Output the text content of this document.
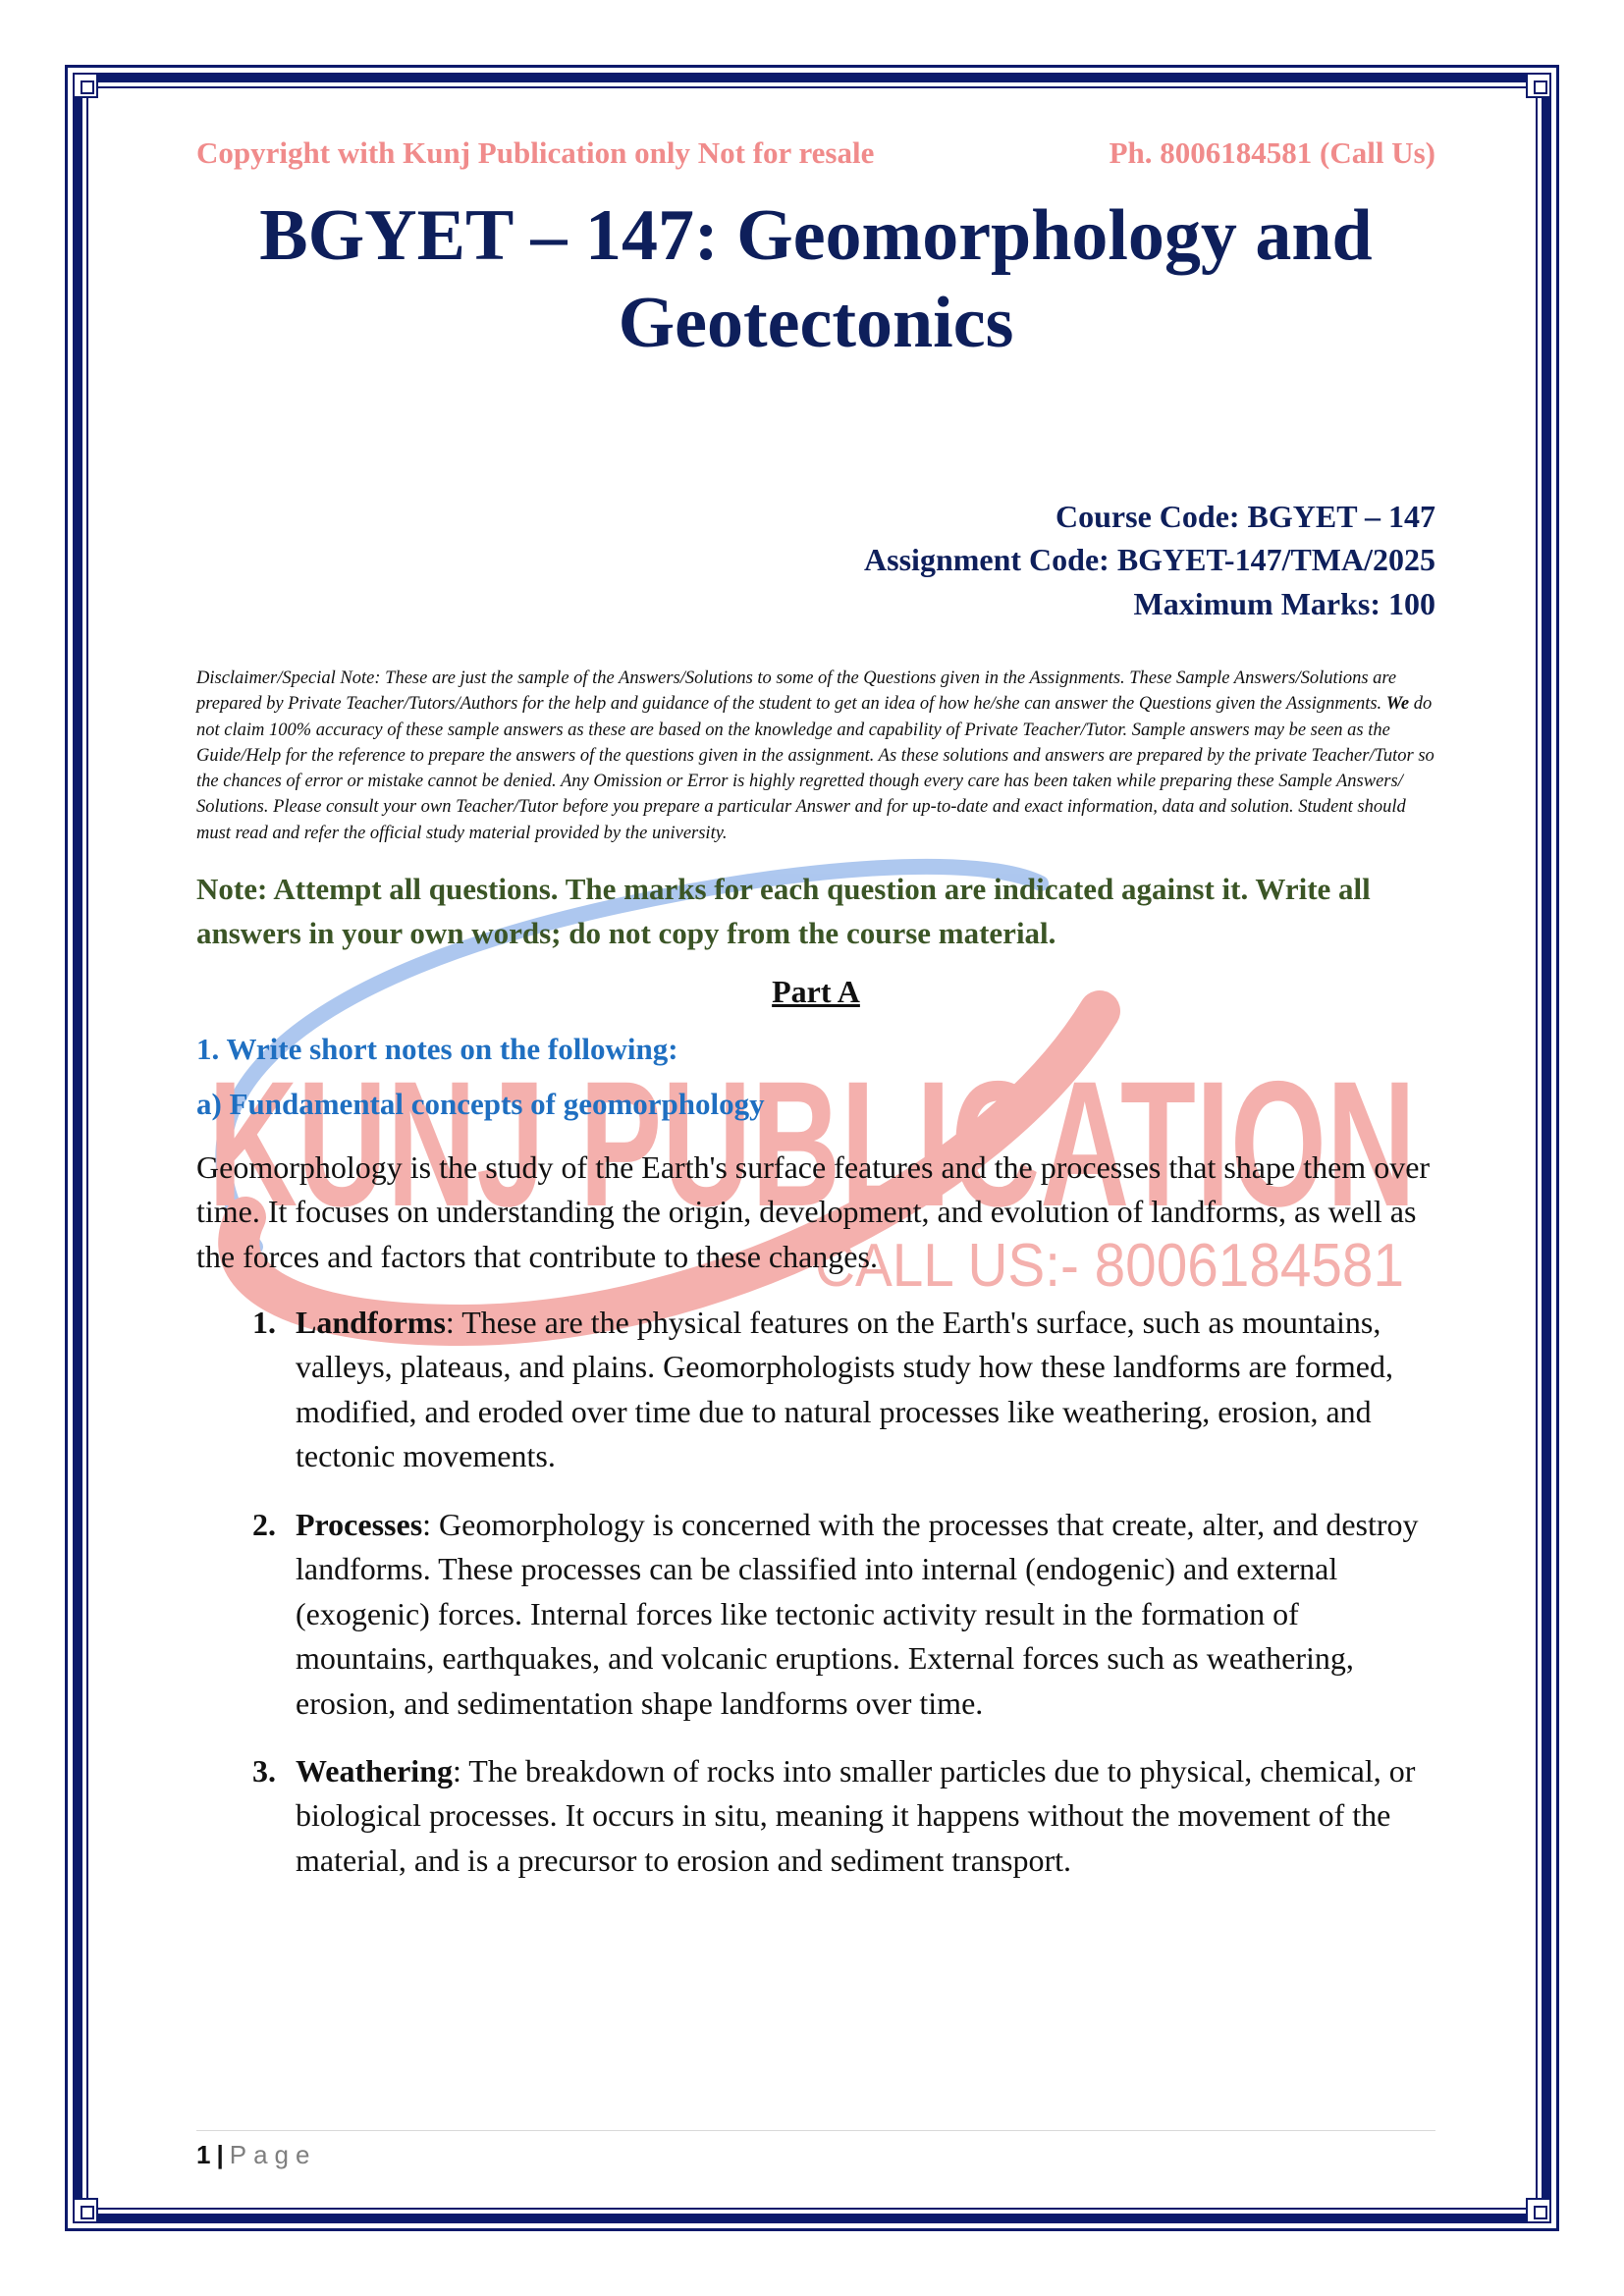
KUNJ PUBLICATION
CALL US:- 8006184581
Copyright with Kunj Publication only Not for resale	Ph. 8006184581 (Call Us)
BGYET – 147: Geomorphology and
Geotectonics
Course Code: BGYET – 147
Assignment Code: BGYET-147/TMA/2025
Maximum Marks: 100
Disclaimer/Special Note: These are just the sample of the Answers/Solutions to some of the Questions given in the Assignments. These Sample Answers/Solutions are prepared by Private Teacher/Tutors/Authors for the help and guidance of the student to get an idea of how he/she can answer the Questions given the Assignments. We do not claim 100% accuracy of these sample answers as these are based on the knowledge and capability of Private Teacher/Tutor. Sample answers may be seen as the Guide/Help for the reference to prepare the answers of the questions given in the assignment. As these solutions and answers are prepared by the private Teacher/Tutor so the chances of error or mistake cannot be denied. Any Omission or Error is highly regretted though every care has been taken while preparing these Sample Answers/ Solutions. Please consult your own Teacher/Tutor before you prepare a particular Answer and for up-to-date and exact information, data and solution. Student should must read and refer the official study material provided by the university.
Note: Attempt all questions. The marks for each question are indicated against it. Write all answers in your own words; do not copy from the course material.
Part A
1. Write short notes on the following:
a) Fundamental concepts of geomorphology
Geomorphology is the study of the Earth's surface features and the processes that shape them over time. It focuses on understanding the origin, development, and evolution of landforms, as well as the forces and factors that contribute to these changes.
1. Landforms: These are the physical features on the Earth's surface, such as mountains, valleys, plateaus, and plains. Geomorphologists study how these landforms are formed, modified, and eroded over time due to natural processes like weathering, erosion, and tectonic movements.
2. Processes: Geomorphology is concerned with the processes that create, alter, and destroy landforms. These processes can be classified into internal (endogenic) and external (exogenic) forces. Internal forces like tectonic activity result in the formation of mountains, earthquakes, and volcanic eruptions. External forces such as weathering, erosion, and sedimentation shape landforms over time.
3. Weathering: The breakdown of rocks into smaller particles due to physical, chemical, or biological processes. It occurs in situ, meaning it happens without the movement of the material, and is a precursor to erosion and sediment transport.
1 | Page
